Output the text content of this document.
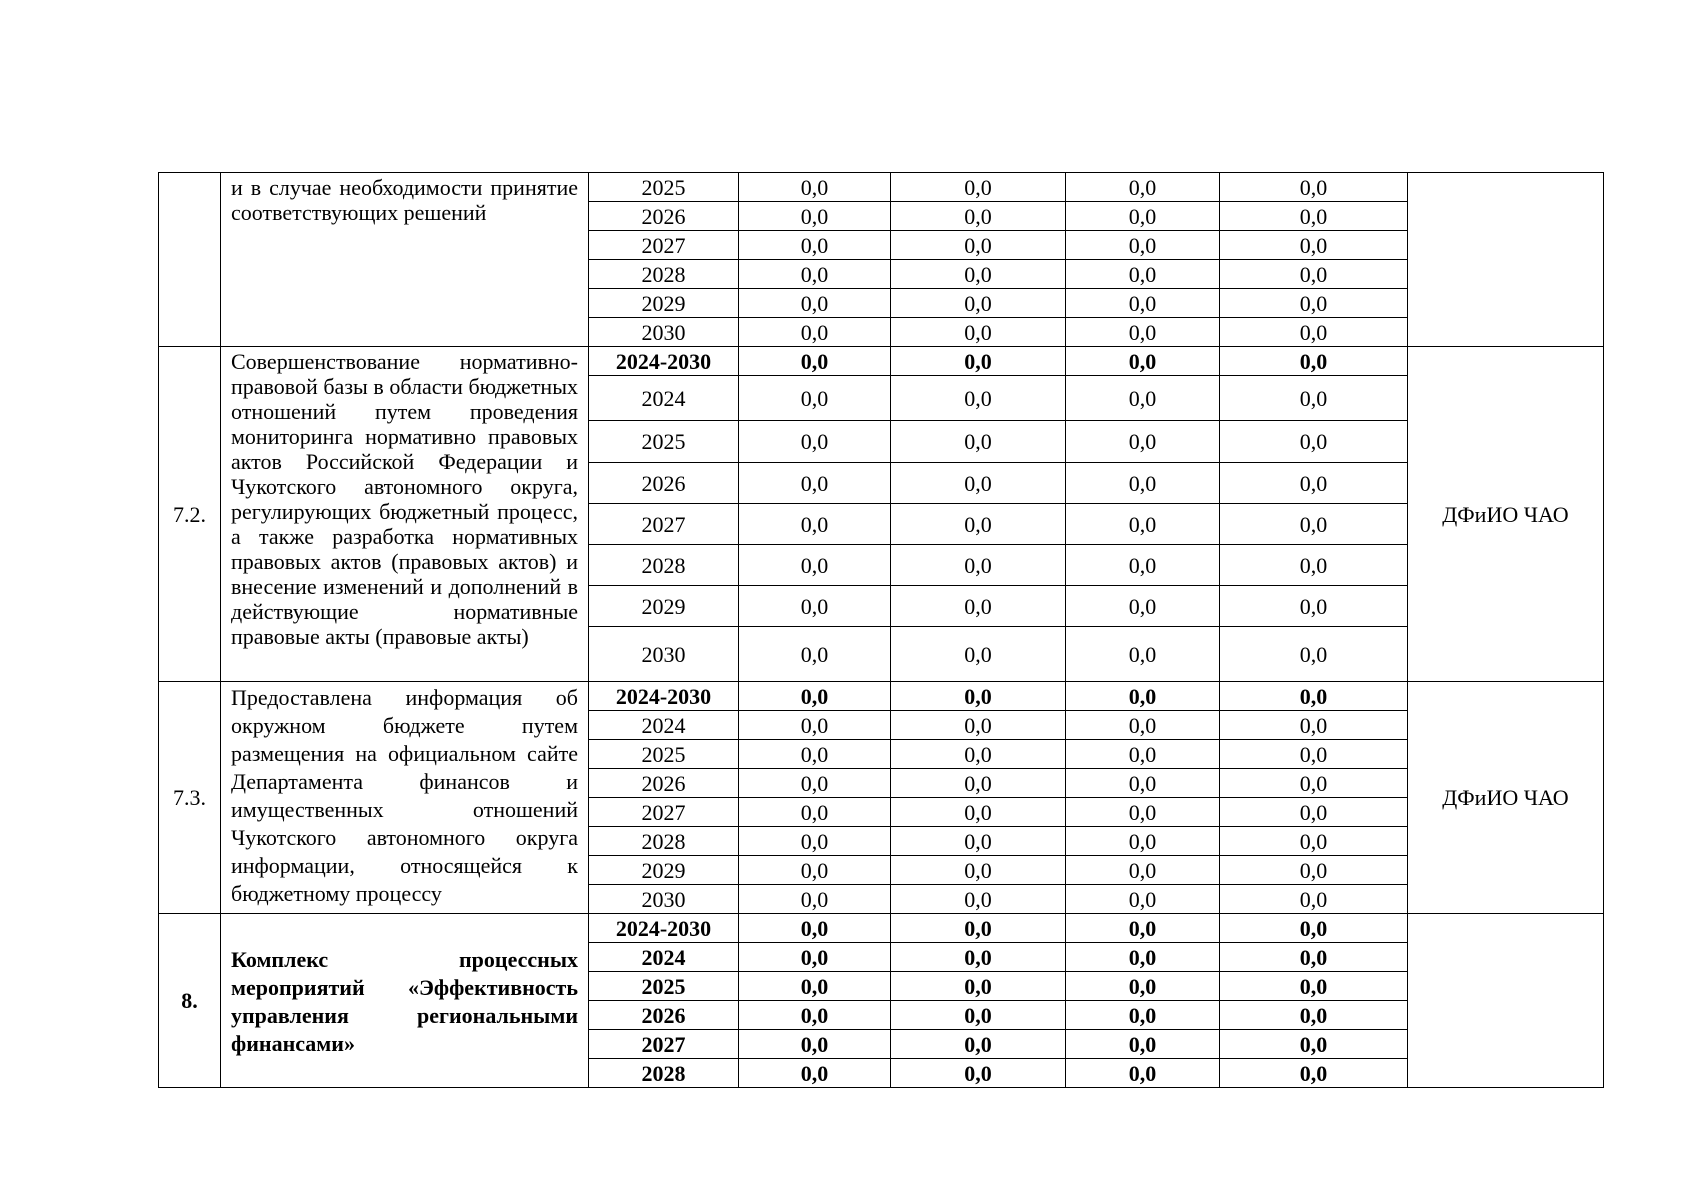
	и в случае необходимости принятие соответствующих решений	2025	0,0	0,0	0,0	0,0	
		2026	0,0	0,0	0,0	0,0	
		2027	0,0	0,0	0,0	0,0	
		2028	0,0	0,0	0,0	0,0	
		2029	0,0	0,0	0,0	0,0	
		2030	0,0	0,0	0,0	0,0	
7.2.	Совершенствование нормативно-правовой базы в области бюджетных отношений путем проведения мониторинга нормативно правовых актов Российской Федерации и Чукотского автономного округа, регулирующих бюджетный процесс, а также разработка нормативных правовых актов (правовых актов) и внесение изменений и дополнений в действующие нормативные правовые акты (правовые акты)	2024-2030	0,0	0,0	0,0	0,0	ДФиИО ЧАО
		2024	0,0	0,0	0,0	0,0	
		2025	0,0	0,0	0,0	0,0	
		2026	0,0	0,0	0,0	0,0	
		2027	0,0	0,0	0,0	0,0	
		2028	0,0	0,0	0,0	0,0	
		2029	0,0	0,0	0,0	0,0	
		2030	0,0	0,0	0,0	0,0	
7.3.	Предоставлена информация об окружном бюджете путем размещения на официальном сайте Департамента финансов и имущественных отношений Чукотского автономного округа информации, относящейся к бюджетному процессу	2024-2030	0,0	0,0	0,0	0,0	ДФиИО ЧАО
		2024	0,0	0,0	0,0	0,0	
		2025	0,0	0,0	0,0	0,0	
		2026	0,0	0,0	0,0	0,0	
		2027	0,0	0,0	0,0	0,0	
		2028	0,0	0,0	0,0	0,0	
		2029	0,0	0,0	0,0	0,0	
		2030	0,0	0,0	0,0	0,0	
8.	Комплекс процессных мероприятий «Эффективность управления региональными финансами»	2024-2030	0,0	0,0	0,0	0,0	
		2024	0,0	0,0	0,0	0,0	
		2025	0,0	0,0	0,0	0,0	
		2026	0,0	0,0	0,0	0,0	
		2027	0,0	0,0	0,0	0,0	
		2028	0,0	0,0	0,0	0,0	
